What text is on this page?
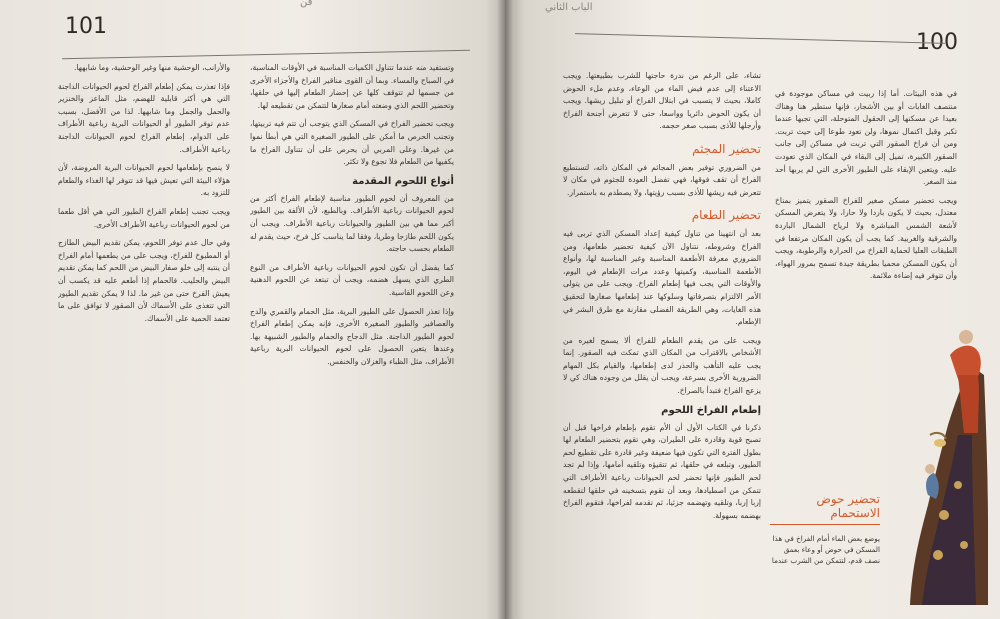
فن
101

والأرانب، الوحشية منها وغير الوحشية، وما شابهها.

فإذا تعذرت يمكن إطعام الفراخ لحوم الحيوانات الداجنة التي هي أكثر قابلية للهضم، مثل الماعز والخنزير والحمل والجمل وما شابهها. لذا من الأفضل، بسبب عدم توفر الطيور أو الحيوانات البرية رباعية الأطراف على الدوام، إطعام الفراخ لحوم الحيوانات الداجنة رباعية الأطراف.

لا ينصح بإطعامها لحوم الحيوانات البرية المروضة، لأن هؤلاء البيئة التي تعيش فيها قد تتوفر لها الغذاء والطعام للتزود به.

ويجب تجنب إطعام الفراخ الطيور التي هي أقل طعما من لحوم الحيوانات رباعية الأطراف الأخرى.

وفي حال عدم توفر اللحوم، يمكن تقديم البيض الطازج أو المطبوخ للفراخ، ويجب على من يطعمها أمام الفراخ أن ينتبه إلى خلو صفار البيض من اللحم كما يمكن تقديم البيض والحليب. فالحمام إذا أطعم عليه قد يكسب أن يعيش الفرخ حتى من غير ما. لذا لا يمكن تقديم الطيور التي تتغذى على الأسماك لأن الصقور لا توافق على ما تعتمد الحمية على الأسماك.

وتستفيد منه عندما تتناول الكميات المناسبة في الأوقات المناسبة، في الصباح والمساء. وبما أن القوى مناقير الفراخ والأجزاء الأخرى من جسمها لم تتوقف كلها عن إحضار الطعام إليها في حلقها، وتحضير اللحم الذي وضعته أمام صغارها لتتمكن من تقطيعه لها.

ويجب تحضير الفراخ في المسكن الذي يتوجب أن تتم فيه تربيتها، وتجنب الحرص ما أمكن على الطيور الصغيرة التي هي أبطأ نموا من غيرها. وعلى المربي أن يحرص على أن تتناول الفراخ ما يكفيها من الطعام فلا تجوع ولا تكثر.

أنواع اللحوم المقدمة

من المعروف أن لحوم الطيور مناسبة لإطعام الفراخ أكثر من لحوم الحيوانات رباعية الأطراف. وبالطبع، لأن الألفة بين الطيور أكبر مما هي بين الطيور والحيوانات رباعية الأطراف. ويجب أن يكون اللحم طازجا وطريا، وفقا لما يناسب كل فرخ، حيث يقدم له الطعام بحسب حاجته.

كما يفضل أن تكون لحوم الحيوانات رباعية الأطراف من النوع الطري الذي يسهل هضمه، ويجب أن تبتعد عن اللحوم الدهنية وعن اللحوم القاسية.

وإذا تعذر الحصول على الطيور البرية، مثل الحمام والقمري والدج والعصافير والطيور الصغيرة الأخرى، فإنه يمكن إطعام الفراخ لحوم الطيور الداجنة. مثل الدجاج والحمام والطيور الشبيهة بها. وعندها يتعين الحصول على لحوم الحيوانات البرية رباعية الأطراف، مثل الظباء والغزلان والخنفس.

الباب الثاني
100

تشاء، على الرغم من ندرة حاجتها للشرب بطبيعتها. ويجب الاعتناء إلى عدم فيض الماء من الوعاء، وعدم ملء الحوض كاملا، بحيث لا يتسبب في ابتلال الفراخ أو تبليل ريشها. ويجب أن يكون الحوض دائريا وواسعا، حتى لا تتعرض أجنحة الفراخ وأرجلها للأذى بسبب صغر حجمه.

تحضير المجثم

من الضروري توفير بعض المجاثم في المكان ذاته، لتستطيع الفراخ أن تقف فوقها، فهي تفضل العودة للجثوم في مكان لا تتعرض فيه ريشها للأذى بسبب رؤيتها، ولا يصطدم به باستمرار.

تحضير الطعام

بعد أن انتهينا من تناول كيفية إعداد المسكن الذي تربى فيه الفراخ وشروطه، نتناول الآن كيفية تحضير طعامها، ومن الضروري معرفة الأطعمة المناسبة وغير المناسبة لها، وأنواع الأطعمة المناسبة، وكميتها وعدد مرات الإطعام في اليوم، والأوقات التي يجب فيها إطعام الفراخ. ويجب على من يتولى الأمر الالتزام بتصرفاتها وسلوكها عند إطعامها صغارها لتحقيق هذه الغايات، وهي الطريقة الفضلى مقارنة مع طرق البشر في الإطعام.

ويجب على من يقدم الطعام للفراخ ألا يسمح لغيره من الأشخاص بالاقتراب من المكان الذي تمكث فيه الصقور. إنما يجب عليه التأهب والحذر لدى إطعامها، والقيام بكل المهام الضرورية الأخرى بسرعة، ويجب أن يقلل من وجوده هناك كي لا يزعج الفراخ فتبدأ بالصراخ.

إطعام الفراخ اللحوم

ذكرنا في الكتاب الأول أن الأم تقوم بإطعام فراخها قبل أن تصبح قوية وقادرة على الطيران، وهي تقوم بتحضير الطعام لها بطول الفترة التي تكون فيها ضعيفة وغير قادرة على تقطيع لحم الطيور، وتبلعه في حلقها، ثم تتقيؤه وتلقيه أمامها، وإذا لم تجد لحم الطيور فإنها تحضر لحم الحيوانات رباعية الأطراف التي تتمكن من اصطيادها، وبعد أن تقوم بتسخينه في حلقها لتقطعه إربا إربا، وتلقيه وتهضمه جزئيا، ثم تقدمه لفراخها، فتقوم الفراخ بهضمه بسهولة.

في هذه البيئات. أما إذا ربيت في مساكن موجودة في منتصف الغابات أو بين الأشجار، فإنها ستطير هنا وهناك بعيدا عن مسكنها إلى الحقول المتوحلة، التي تجبها عندما تكبر وقبل اكتمال نموها، ولن تعود طوعا إلى حيث تربت. ومن أن فراخ الصقور التي تربت في مساكن إلى جانب الصقور الكبيرة، تميل إلى البقاء في المكان الذي تعودت عليه. ويتعين الإبقاء على الطيور الأخرى التي لم يربها أحد منذ الصغر.

ويجب تحضير مسكن صغير للفراخ الصقور يتميز بمناخ معتدل، بحيث لا يكون باردا ولا حارا، ولا يتعرض المسكن لأشعة الشمس المباشرة ولا لرياح الشمال الباردة والشرقية والغربية. كما يجب أن يكون المكان مرتفعا في الطبقات العليا لحماية الفراخ من الحرارة والرطوبة، ويجب أن يكون المسكن محميا بطريقة جيدة تسمح بمرور الهواء، وأن تتوفر فيه إضاءة ملائمة.

تحضير حوض الاستحمام

يوضع بعض الماء أمام الفراخ في هذا المسكن في حوض أو وعاء بعمق نصف قدم، لتتمكن من الشرب عندما
